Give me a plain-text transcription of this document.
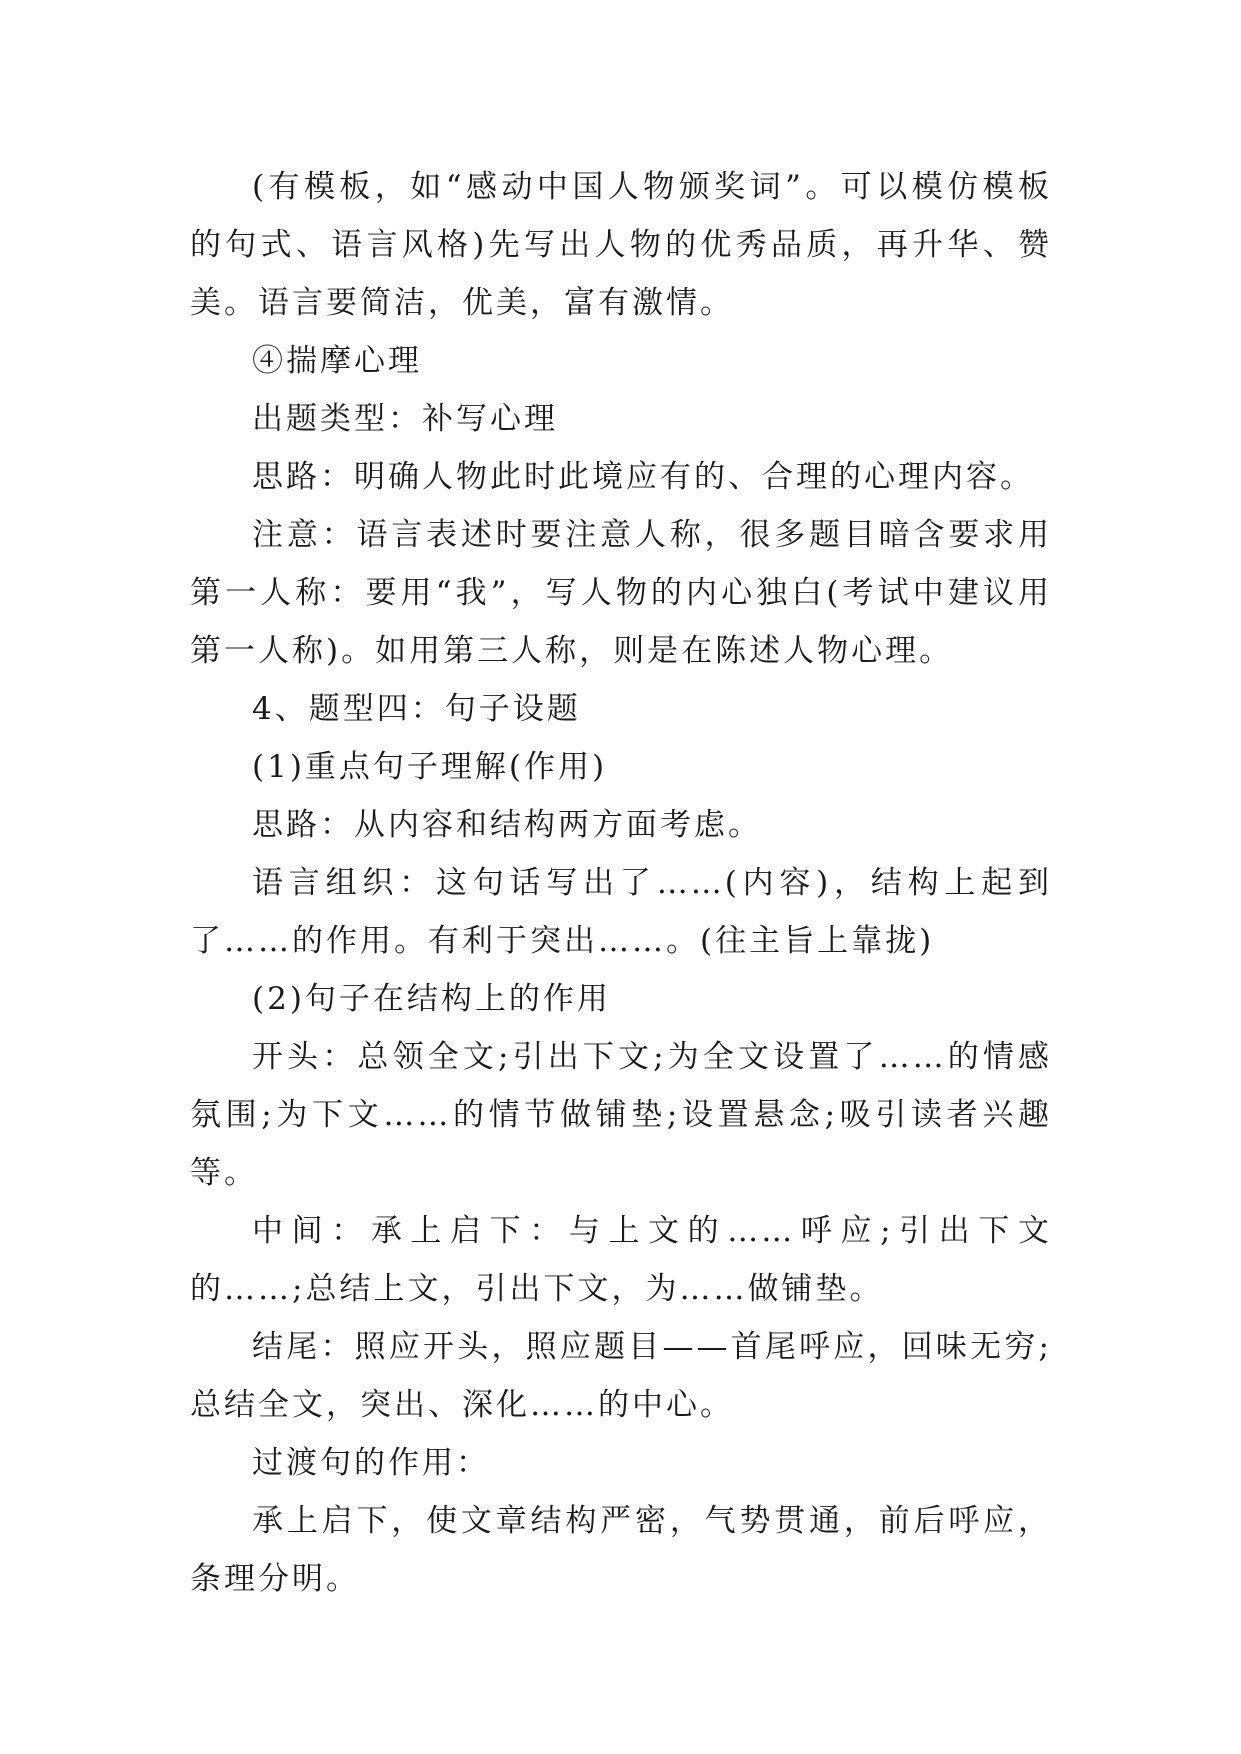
(有模板，如“感动中国人物颁奖词”。可以模仿模板的句式、语言风格)先写出人物的优秀品质，再升华、赞美。语言要简洁，优美，富有激情。

④揣摩心理

出题类型：补写心理

思路：明确人物此时此境应有的、合理的心理内容。

注意：语言表述时要注意人称，很多题目暗含要求用第一人称：要用“我”，写人物的内心独白(考试中建议用第一人称)。如用第三人称，则是在陈述人物心理。

4、题型四：句子设题

(1)重点句子理解(作用)

思路：从内容和结构两方面考虑。

语言组织：这句话写出了……(内容)，结构上起到了……的作用。有利于突出……。(往主旨上靠拢)

(2)句子在结构上的作用

开头：总领全文;引出下文;为全文设置了……的情感氛围;为下文……的情节做铺垫;设置悬念;吸引读者兴趣等。

中间：承上启下：与上文的……呼应;引出下文的……;总结上文，引出下文，为……做铺垫。

结尾：照应开头，照应题目——首尾呼应，回味无穷;总结全文，突出、深化……的中心。

过渡句的作用：

承上启下，使文章结构严密，气势贯通，前后呼应，条理分明。
